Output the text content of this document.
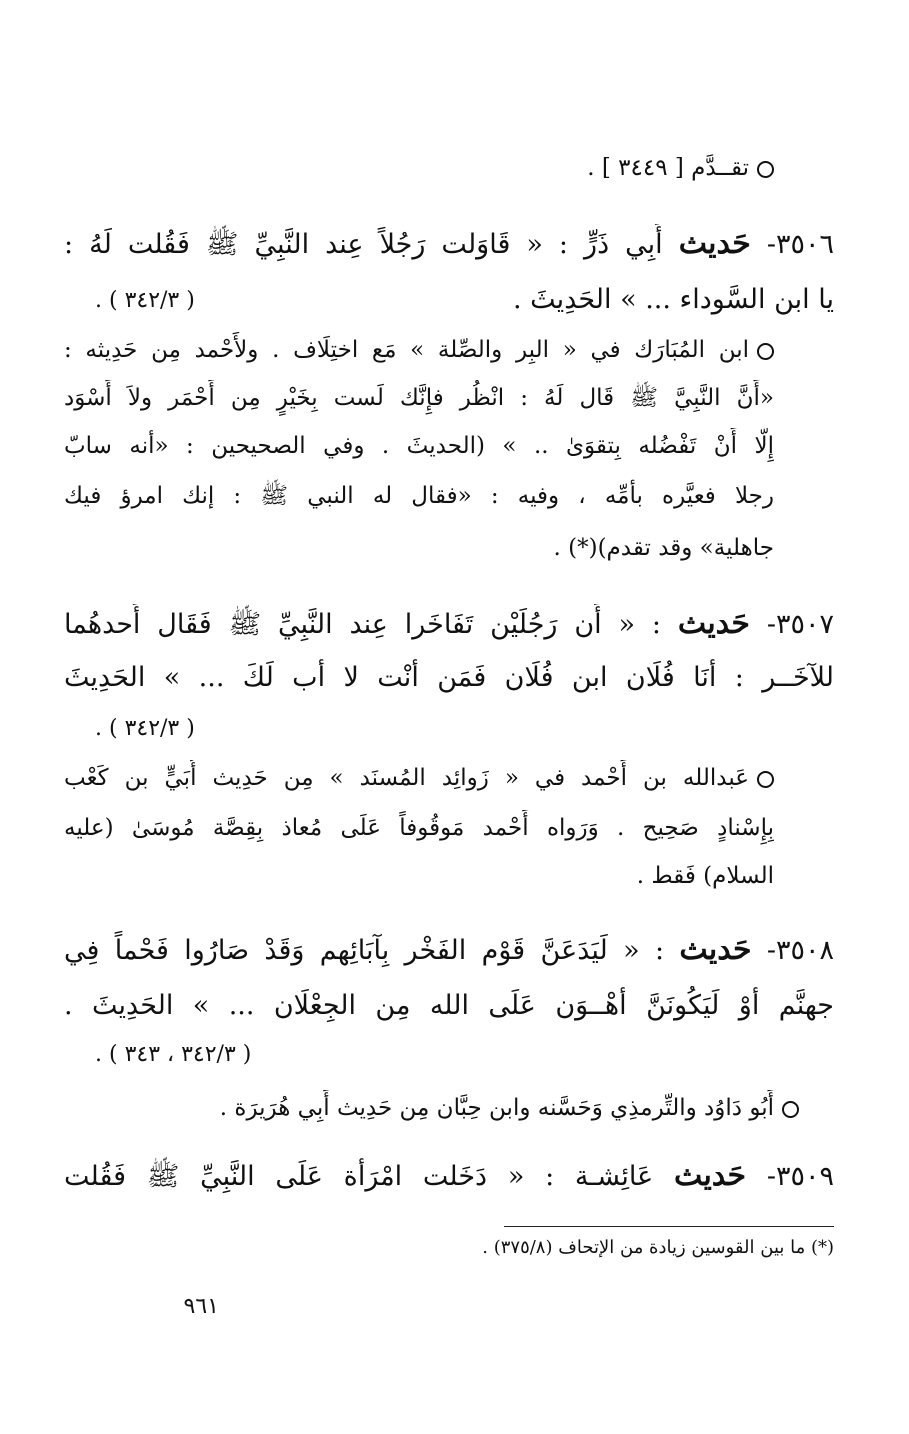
تقــدَّم [ ٣٤٤٩ ] .
٣٥٠٦- حَديث أَبِي ذَرٍّ : « قَاوَلت رَجُلاً عِند النَّبِيِّ ﷺ فَقُلت لَهُ :
يا ابن السَّوداء ... » الحَدِيثَ .
( ٣٤٢/٣ ) .
ابن المُبَارَك في « البِر والصِّلة » مَع اختِلَاف . ولأَحْمد مِن حَدِيثه :
«أَنَّ النَّبِيَّ ﷺ قَال لَهُ : انْظُر فإِنَّك لَست بِخَيْرٍ مِن أَحْمَر ولاَ أَسْوَد
إِلَّا أَنْ تَفْضُله بِتقوَىٰ .. » (الحديثَ . وفي الصحيحين : «أنه سابّ
رجلا فعيَّره بأمِّه ، وفيه : «فقال له النبي ﷺ : إنك امرؤ فيك
جاهلية» وقد تقدم)(*) .
٣٥٠٧- حَديث : « أَن رَجُلَيْن تَفَاخَرا عِند النَّبِيِّ ﷺ فَقَال أَحدهُما
للآخَــر : أَنَا فُلَان ابن فُلَان فَمَن أَنْت لا أَب لَكَ ... » الحَدِيثَ
( ٣٤٢/٣ ) .
عَبدالله بن أَحْمد في « زَوائِد المُسنَد » مِن حَدِيث أُبَيٍّ بن كَعْب
بِإِسْنادٍ صَحِيح . وَرَواه أَحْمد مَوقُوفاً عَلَى مُعاذ بِقِصَّة مُوسَىٰ (عليه
السلام) فَقط .
٣٥٠٨- حَديث : « لَيَدَعَنَّ قَوْم الفَخْر بِآبَائِهم وَقَدْ صَارُوا فَحْماً فِي
جهنَّم أَوْ لَيَكُونَنَّ أَهْــوَن عَلَى الله مِن الجِعْلَان ... » الحَدِيثَ .
( ٣٤٢/٣ ، ٣٤٣ ) .
أَبُو دَاوُد والتِّرمذِي وَحَسَّنه وابن حِبَّان مِن حَدِيث أَبِي هُرَيرَة .
٣٥٠٩- حَديث عَائِشـة : « دَخَلت امْرَأة عَلَى النَّبِيِّ ﷺ فَقُلت
(*) ما بين القوسين زيادة من الإتحاف (٣٧٥/٨) .
٩٦١
